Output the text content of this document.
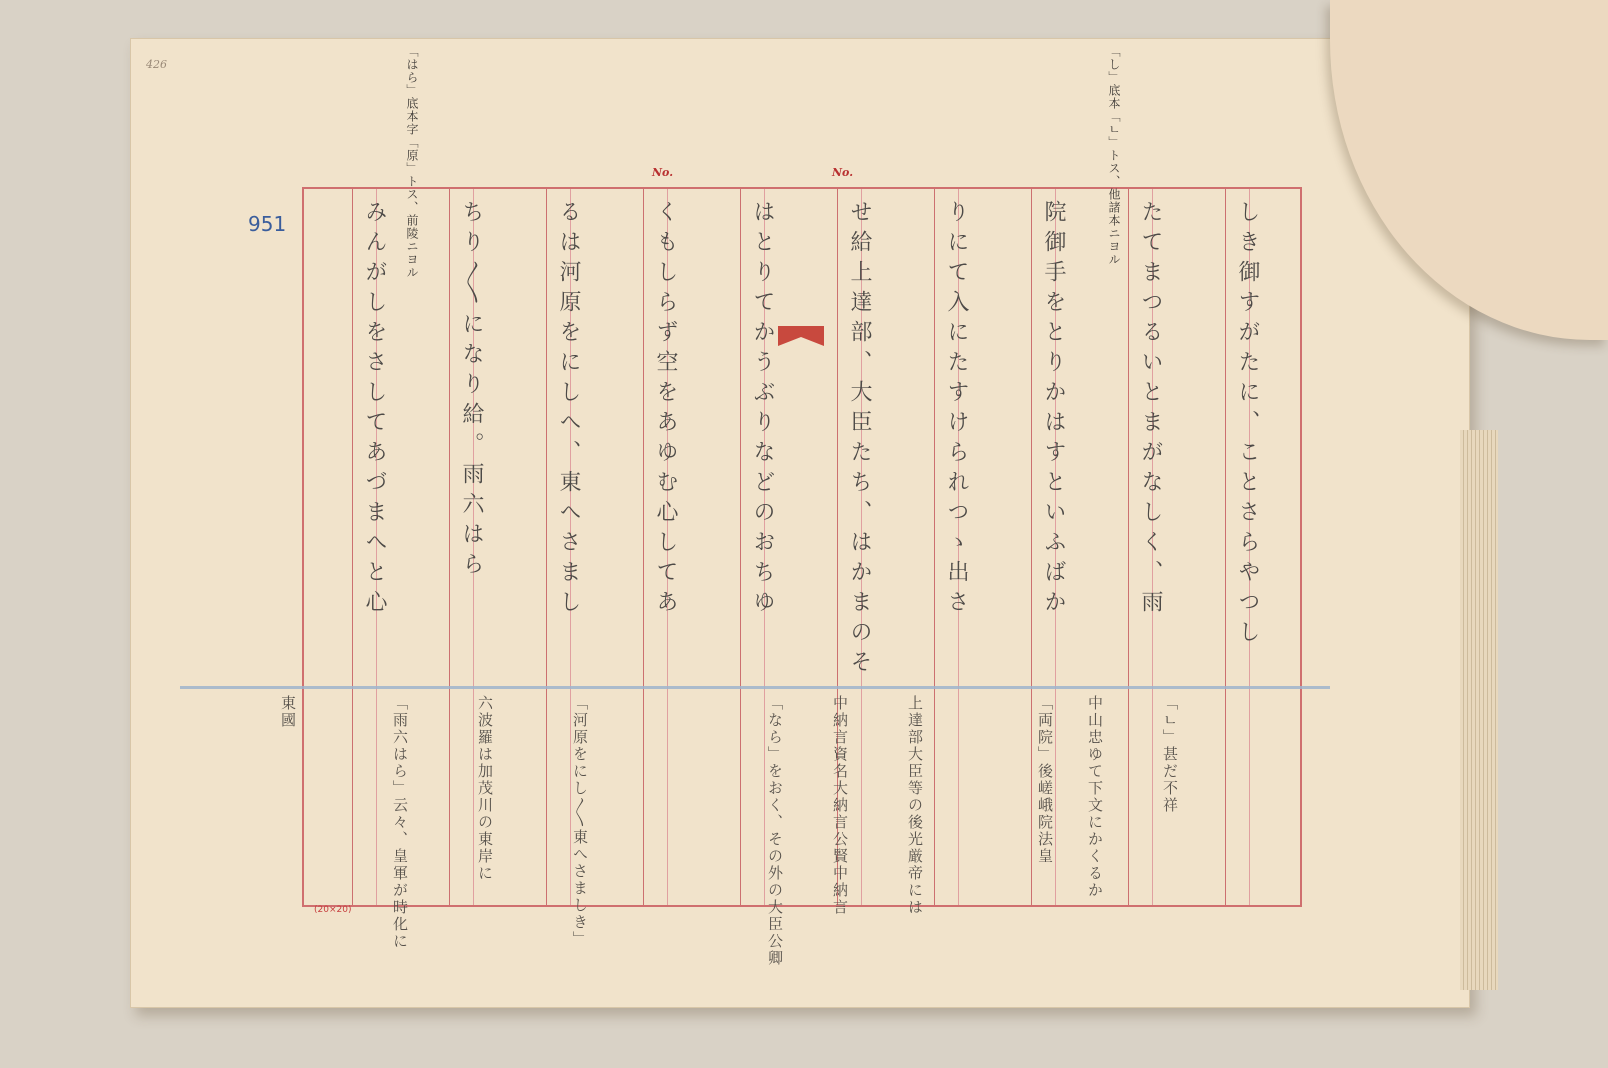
426
951
No.	No.	「し」底本「ㄴ」トス、他諸本ニヨル
「はら」底本字「原」トス、前陵ニヨル
しき御すがたに、ことさらやつし
たてまつるいとまがなしく、雨
院御手をとりかはすといふばか
りにて入にたすけられつゝ出さ
せ給上達部、大臣たち、はかまのそ
はとりてかうぶりなどのおちゆ
くもしらず空をあゆむ心してあ
るは河原をにしへ、東へさまし
ちり〳〵になり給。雨六はら
みんがしをさしてあづまへと心
「ㄴ」甚だ不祥
中山忠ゆて下文にかくるか
「両院」後嵯峨院法皇
上達部大臣等の後光厳帝には
中納言資名大納言公賢中納言
「なら」をおく、その外の大臣公卿
「河原をにし〳〵東へさましき」
六波羅は加茂川の東岸に
「雨六はら」云々、皇軍が時化に
東國
(20×20)
